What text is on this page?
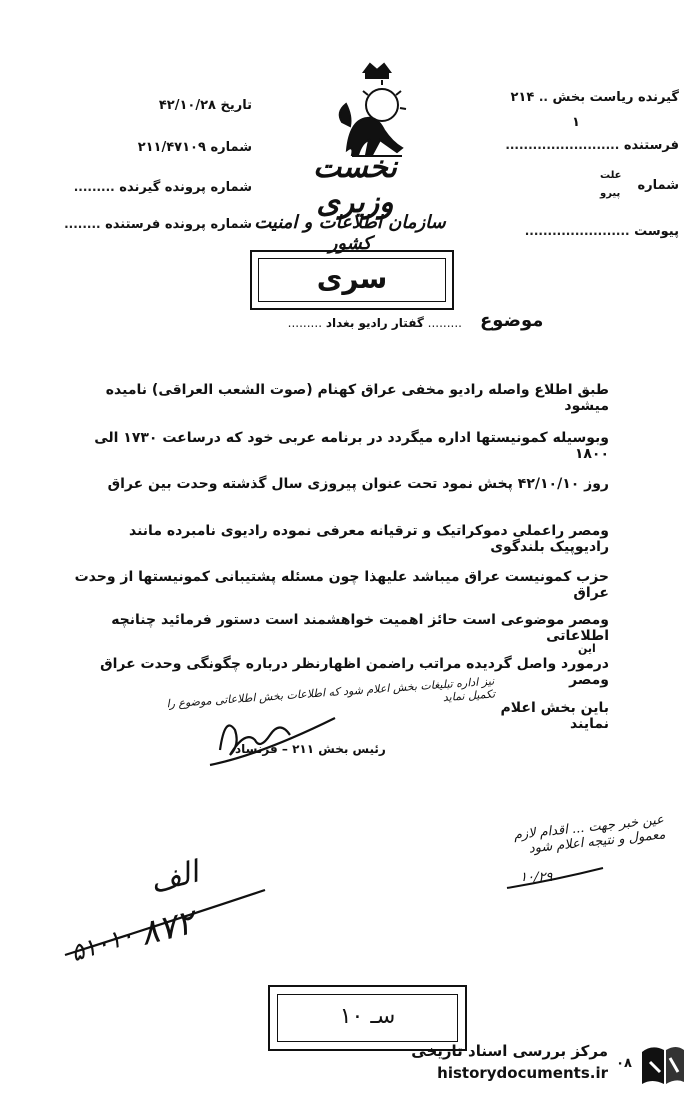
گیرنده ریاست بخش .. ۲۱۴
۱
فرستنده .........................
شماره
علت
پیرو
پیوست .......................
تاریخ ۴۲/۱۰/۲۸
شماره ۲۱۱/۴۷۱۰۹
شماره پرونده گیرنده .........
شماره پرونده فرستنده ........
نخست وزیری
سازمان اطلاعات و امنیت کشور
سری
موضوع
......... گفتار رادیو بغداد .........
طبق اطلاع واصله رادیو مخفی عراق کهنام (صوت الشعب العراقی) نامیده میشود
وبوسیله کمونیستها اداره میگردد در برنامه عربی خود که درساعت ۱۷۳۰ الی ۱۸۰۰
روز ۴۲/۱۰/۱۰ پخش نمود تحت عنوان پیروزی سال گذشته وحدت بین عراق
ومصر راعملی دموکراتیک و ترقیانه معرفی نموده رادیوی نامبرده مانند رادیوپیک بلندگوی
حزب کمونیست عراق میباشد علیهذا چون مسئله پشتیبانی کمونیستها از وحدت عراق
ومصر موضوعی است حائز اهمیت خواهشمند است دستور فرمائید چنانچه اطلاعاتی
این
درمورد واصل گردیده مراتب راضمن اظهارنظر درباره چگونگی وحدت عراق ومصر
باین بخش اعلام نمایند
نیز اداره تبلیغات بخش اعلام شود که اطلاعات بخش اطلاعاتی موضوع را تکمیل نماید
رئیس بخش ۲۱۱ – فرنساد
عین خبر جهت ... اقدام لازم معمول و نتیجه اعلام شود
۱۰/۲۹
الف
۸۷۲
۵۱۰۱۰
سـ ۱۰
مرکز بررسی اسناد تاریخی
historydocuments.ir
۰۸
